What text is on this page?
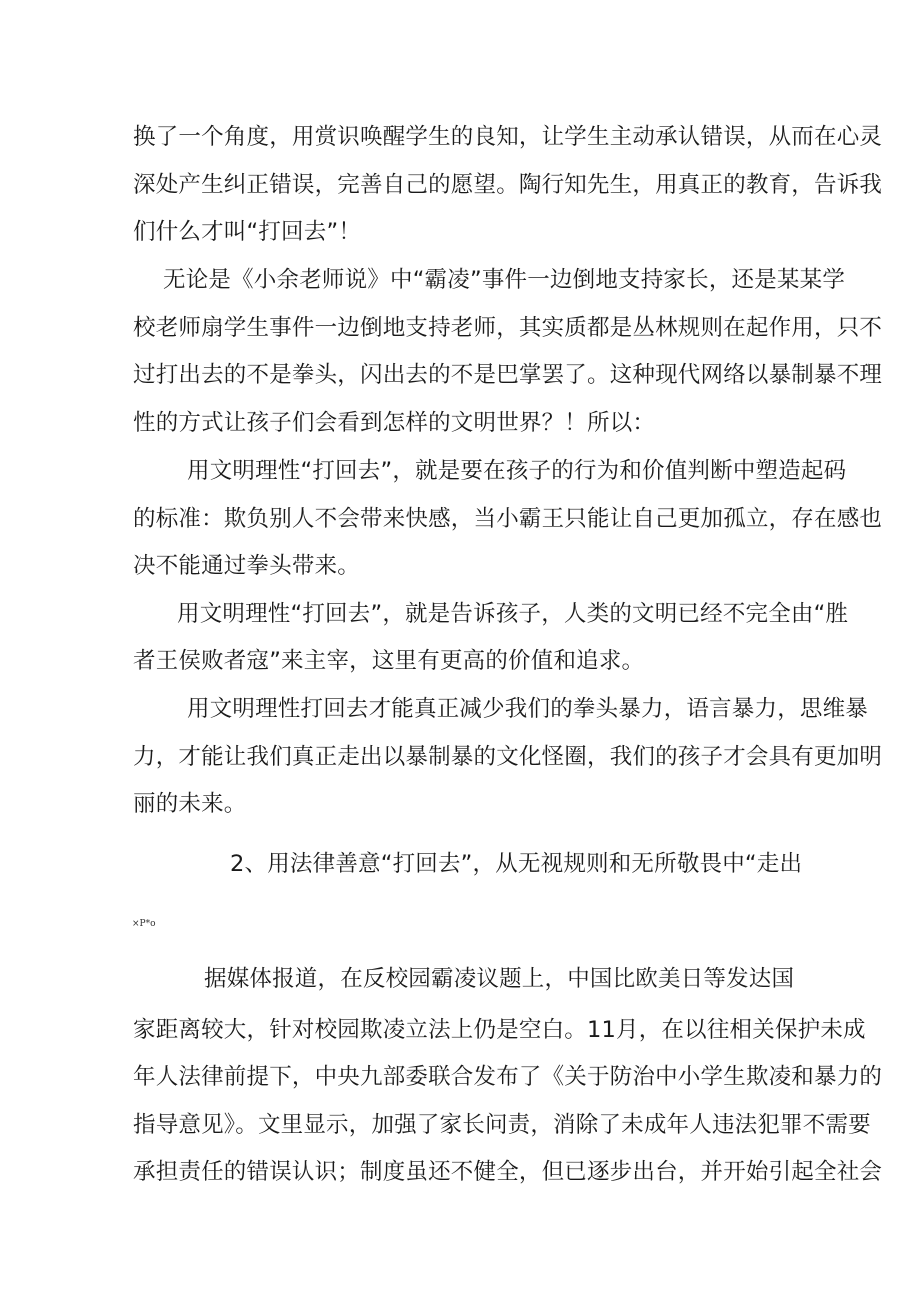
换了一个角度，用赏识唤醒学生的良知，让学生主动承认错误，从而在心灵
深处产生纠正错误，完善自己的愿望。陶行知先生，用真正的教育，告诉我
们什么才叫“打回去”！
无论是《小余老师说》中“霸凌”事件一边倒地支持家长，还是某某学
校老师扇学生事件一边倒地支持老师，其实质都是丛林规则在起作用，只不
过打出去的不是拳头，闪出去的不是巴掌罢了。这种现代网络以暴制暴不理
性的方式让孩子们会看到怎样的文明世界？！所以：
用文明理性“打回去”，就是要在孩子的行为和价值判断中塑造起码
的标准：欺负别人不会带来快感，当小霸王只能让自己更加孤立，存在感也
决不能通过拳头带来。
用文明理性“打回去”，就是告诉孩子，人类的文明已经不完全由“胜
者王侯败者寇”来主宰，这里有更高的价值和追求。
用文明理性打回去才能真正减少我们的拳头暴力，语言暴力，思维暴
力，才能让我们真正走出以暴制暴的文化怪圈，我们的孩子才会具有更加明
丽的未来。
2、用法律善意“打回去”，从无视规则和无所敬畏中“走出
×P*o
据媒体报道，在反校园霸凌议题上，中国比欧美日等发达国
家距离较大，针对校园欺凌立法上仍是空白。11月，在以往相关保护未成
年人法律前提下，中央九部委联合发布了《关于防治中小学生欺凌和暴力的
指导意见》。文里显示，加强了家长问责，消除了未成年人违法犯罪不需要
承担责任的错误认识；制度虽还不健全，但已逐步出台，并开始引起全社会
